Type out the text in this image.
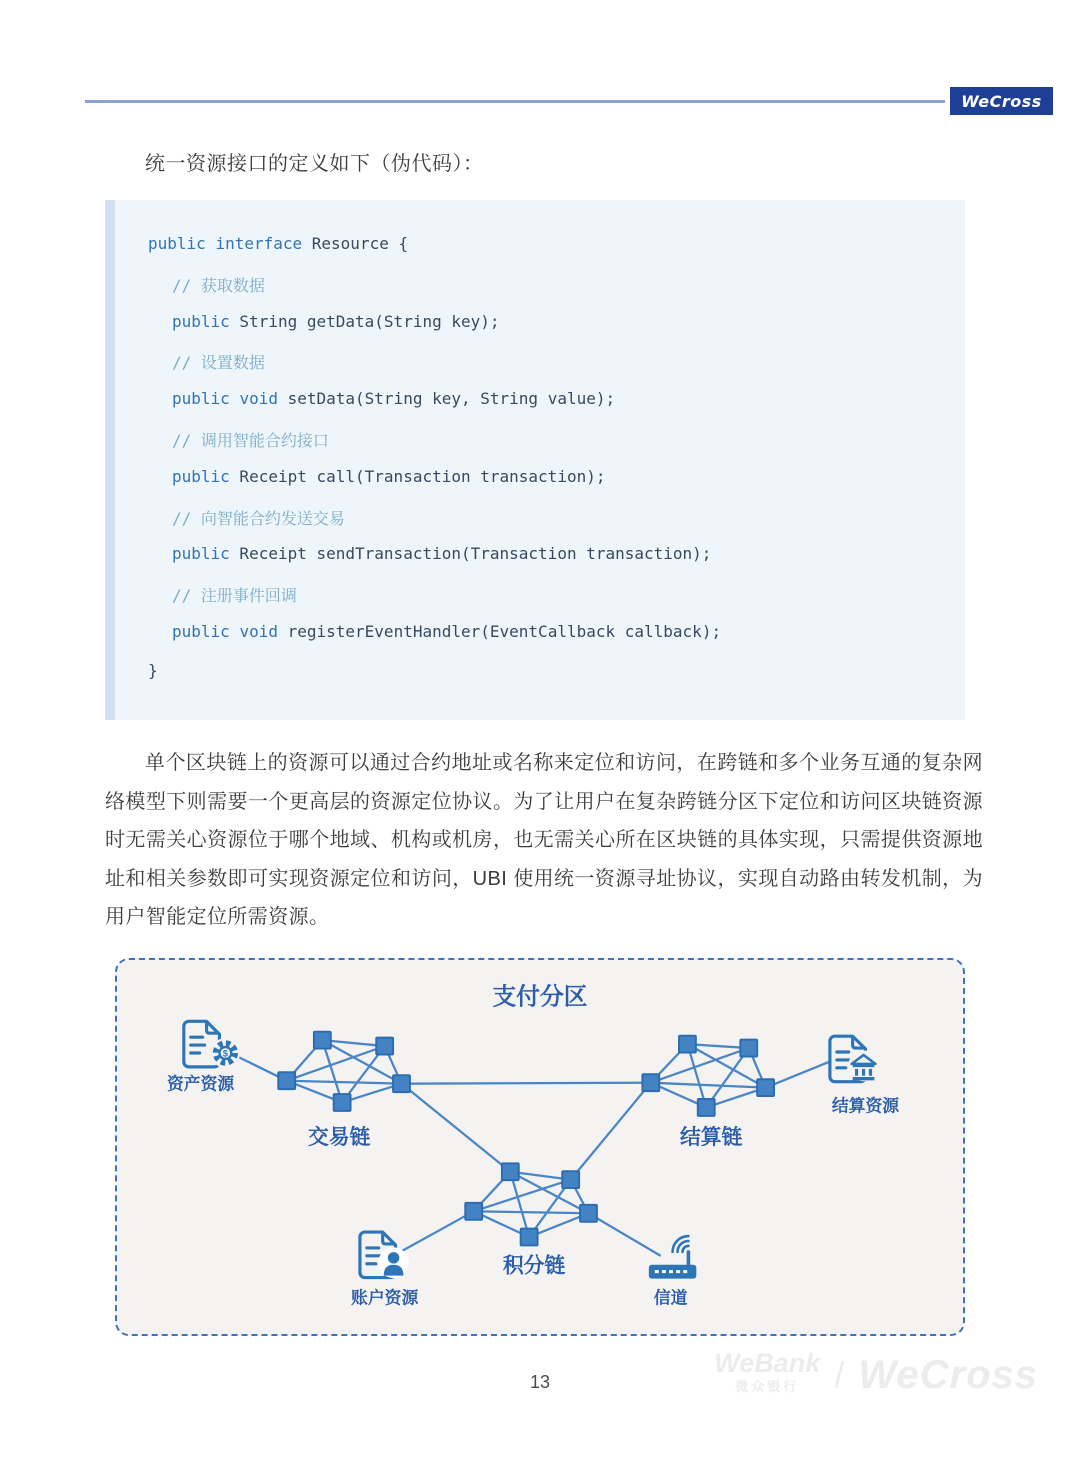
WeCross

统一资源接口的定义如下（伪代码）：

public interface Resource {
// 获取数据
public String getData(String key);
// 设置数据
public void setData(String key, String value);
// 调用智能合约接口
public Receipt call(Transaction transaction);
// 向智能合约发送交易
public Receipt sendTransaction(Transaction transaction);
// 注册事件回调
public void registerEventHandler(EventCallback callback);
}

单个区块链上的资源可以通过合约地址或名称来定位和访问，在跨链和多个业务互通的复杂网络模型下则需要一个更高层的资源定位协议。为了让用户在复杂跨链分区下定位和访问区块链资源时无需关心资源位于哪个地域、机构或机房，也无需关心所在区块链的具体实现，只需提供资源地址和相关参数即可实现资源定位和访问，UBI 使用统一资源寻址协议，实现自动路由转发机制，为用户智能定位所需资源。

支付分区
交易链	结算链
积分链
$
资产资源
结算资源
账户资源	信道
13
WeBank
微众银行 / WeCross
